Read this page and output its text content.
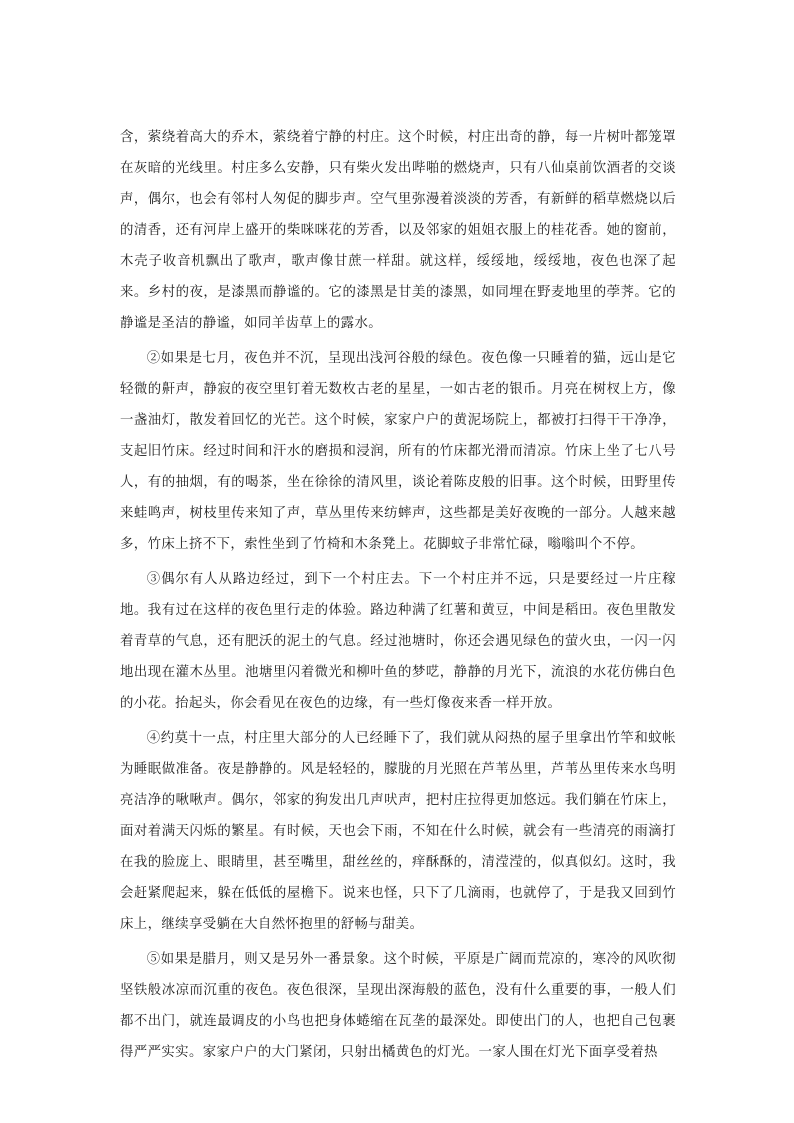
含，萦绕着高大的乔木，萦绕着宁静的村庄。这个时候，村庄出奇的静，每一片树叶都笼罩在灰暗的光线里。村庄多么安静，只有柴火发出哔啪的燃烧声，只有八仙桌前饮酒者的交谈声，偶尔，也会有邻村人匆促的脚步声。空气里弥漫着淡淡的芳香，有新鲜的稻草燃烧以后的清香，还有河岸上盛开的柴咪咪花的芳香，以及邻家的姐姐衣服上的桂花香。她的窗前，木壳子收音机飘出了歌声，歌声像甘蔗一样甜。就这样，绥绥地，绥绥地，夜色也深了起来。乡村的夜，是漆黑而静谧的。它的漆黑是甘美的漆黑，如同埋在野麦地里的荸荠。它的静谧是圣洁的静谧，如同羊齿草上的露水。

②如果是七月，夜色并不沉，呈现出浅河谷般的绿色。夜色像一只睡着的猫，远山是它轻微的鼾声，静寂的夜空里钉着无数枚古老的星星，一如古老的银币。月亮在树杈上方，像一盏油灯，散发着回忆的光芒。这个时候，家家户户的黄泥场院上，都被打扫得干干净净，支起旧竹床。经过时间和汗水的磨损和浸润，所有的竹床都光滑而清凉。竹床上坐了七八号人，有的抽烟，有的喝茶，坐在徐徐的清风里，谈论着陈皮般的旧事。这个时候，田野里传来蛙鸣声，树枝里传来知了声，草丛里传来纺蟀声，这些都是美好夜晚的一部分。人越来越多，竹床上挤不下，索性坐到了竹椅和木条凳上。花脚蚊子非常忙碌，嗡嗡叫个不停。

③偶尔有人从路边经过，到下一个村庄去。下一个村庄并不远，只是要经过一片庄稼地。我有过在这样的夜色里行走的体验。路边种满了红薯和黄豆，中间是稻田。夜色里散发着青草的气息，还有肥沃的泥土的气息。经过池塘时，你还会遇见绿色的萤火虫，一闪一闪地出现在灌木丛里。池塘里闪着微光和柳叶鱼的梦呓，静静的月光下，流浪的水花仿佛白色的小花。抬起头，你会看见在夜色的边缘，有一些灯像夜来香一样开放。

④约莫十一点，村庄里大部分的人已经睡下了，我们就从闷热的屋子里拿出竹竿和蚊帐为睡眠做准备。夜是静静的。风是轻轻的，朦胧的月光照在芦苇丛里，芦苇丛里传来水鸟明亮洁净的啾啾声。偶尔，邻家的狗发出几声吠声，把村庄拉得更加悠远。我们躺在竹床上，面对着满天闪烁的繁星。有时候，天也会下雨，不知在什么时候，就会有一些清亮的雨滴打在我的脸庞上、眼睛里，甚至嘴里，甜丝丝的，痒酥酥的，清滢滢的，似真似幻。这时，我会赶紧爬起来，躲在低低的屋檐下。说来也怪，只下了几滴雨，也就停了，于是我又回到竹床上，继续享受躺在大自然怀抱里的舒畅与甜美。

⑤如果是腊月，则又是另外一番景象。这个时候，平原是广阔而荒凉的，寒冷的风吹彻坚铁般冰凉而沉重的夜色。夜色很深，呈现出深海般的蓝色，没有什么重要的事，一般人们都不出门，就连最调皮的小鸟也把身体蜷缩在瓦垄的最深处。即使出门的人，也把自己包裹得严严实实。家家户户的大门紧闭，只射出橘黄色的灯光。一家人围在灯光下面享受着热
